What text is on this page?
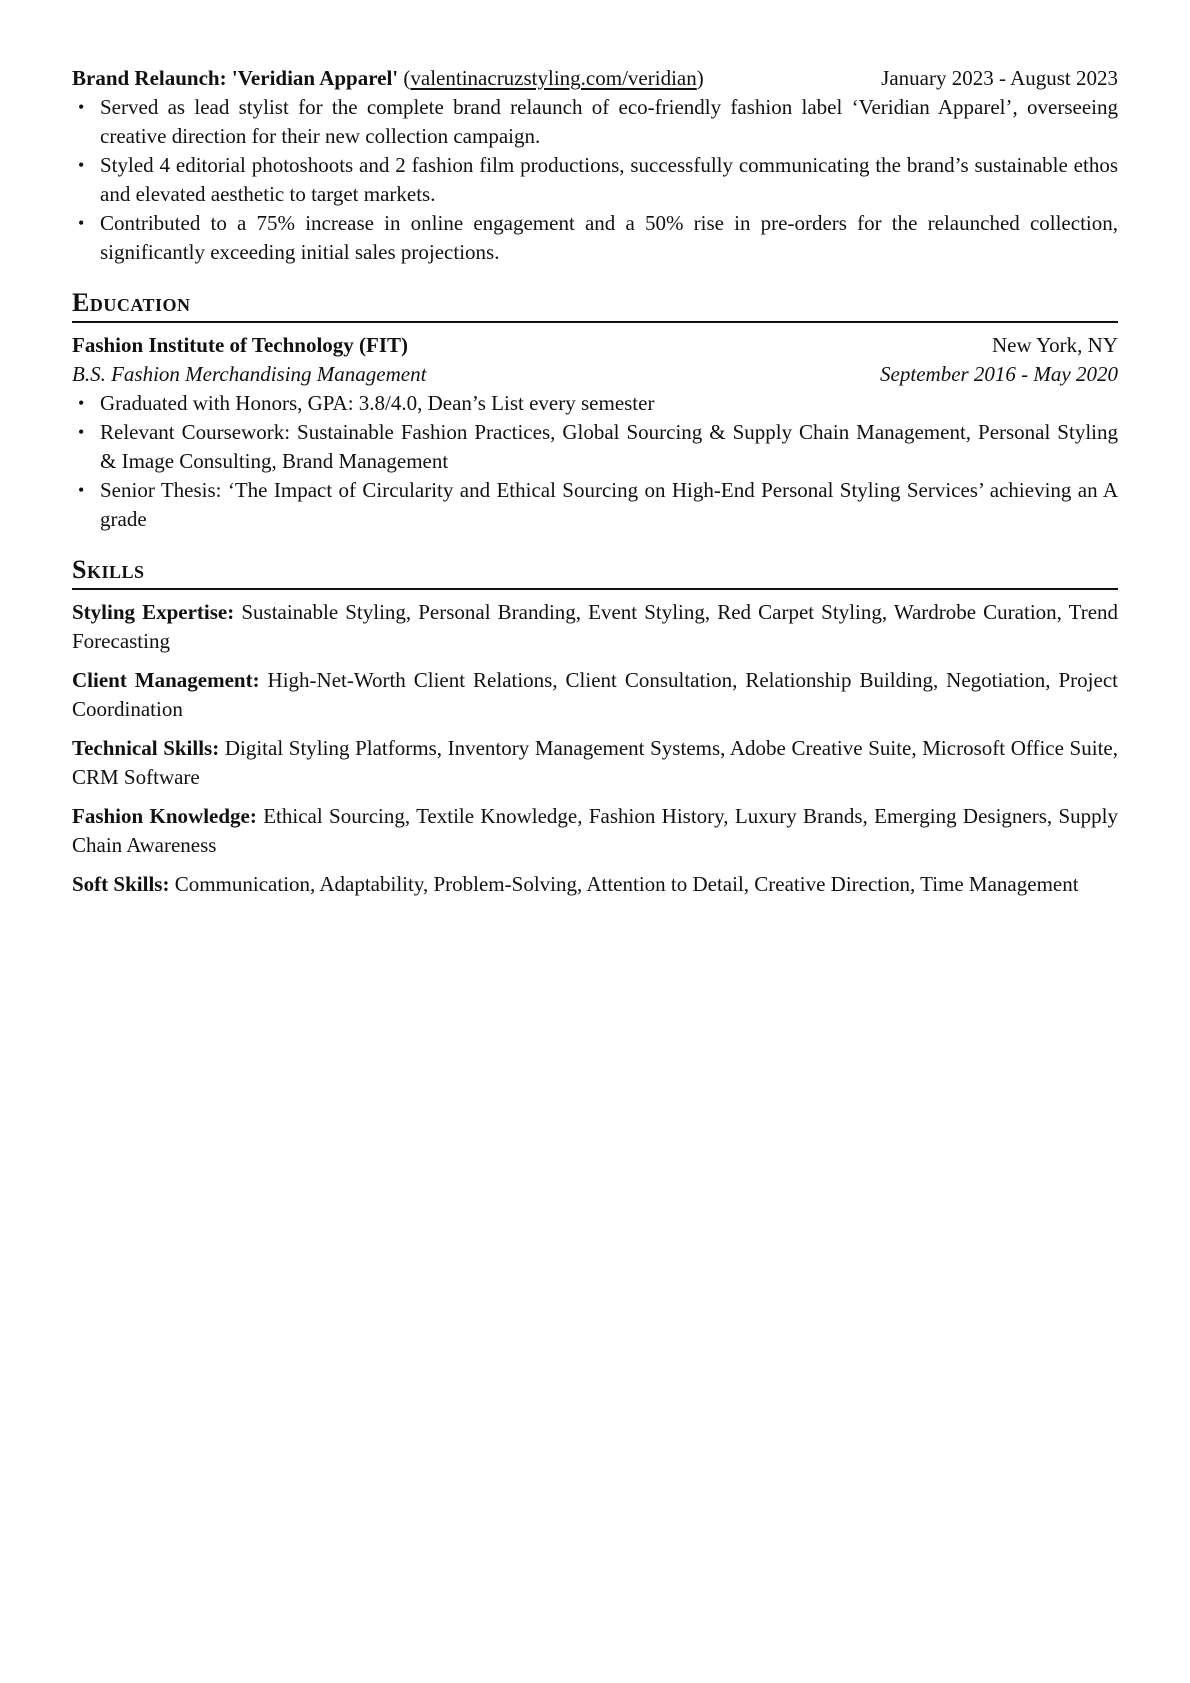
Brand Relaunch: 'Veridian Apparel' (valentinacruzstyling.com/veridian)	January 2023 - August 2023
• Served as lead stylist for the complete brand relaunch of eco-friendly fashion label ‘Veridian Apparel’, overseeing creative direction for their new collection campaign.
• Styled 4 editorial photoshoots and 2 fashion film productions, successfully communicating the brand’s sustainable ethos and elevated aesthetic to target markets.
• Contributed to a 75% increase in online engagement and a 50% rise in pre-orders for the relaunched collection, significantly exceeding initial sales projections.
Education
Fashion Institute of Technology (FIT)	New York, NY
B.S. Fashion Merchandising Management	September 2016 - May 2020
• Graduated with Honors, GPA: 3.8/4.0, Dean’s List every semester
• Relevant Coursework: Sustainable Fashion Practices, Global Sourcing & Supply Chain Management, Personal Styling & Image Consulting, Brand Management
• Senior Thesis: ‘The Impact of Circularity and Ethical Sourcing on High-End Personal Styling Services’ achieving an A grade
Skills
Styling Expertise: Sustainable Styling, Personal Branding, Event Styling, Red Carpet Styling, Wardrobe Curation, Trend Forecasting
Client Management: High-Net-Worth Client Relations, Client Consultation, Relationship Building, Negotiation, Project Coordination
Technical Skills: Digital Styling Platforms, Inventory Management Systems, Adobe Creative Suite, Microsoft Office Suite, CRM Software
Fashion Knowledge: Ethical Sourcing, Textile Knowledge, Fashion History, Luxury Brands, Emerging Designers, Supply Chain Awareness
Soft Skills: Communication, Adaptability, Problem-Solving, Attention to Detail, Creative Direction, Time Management
